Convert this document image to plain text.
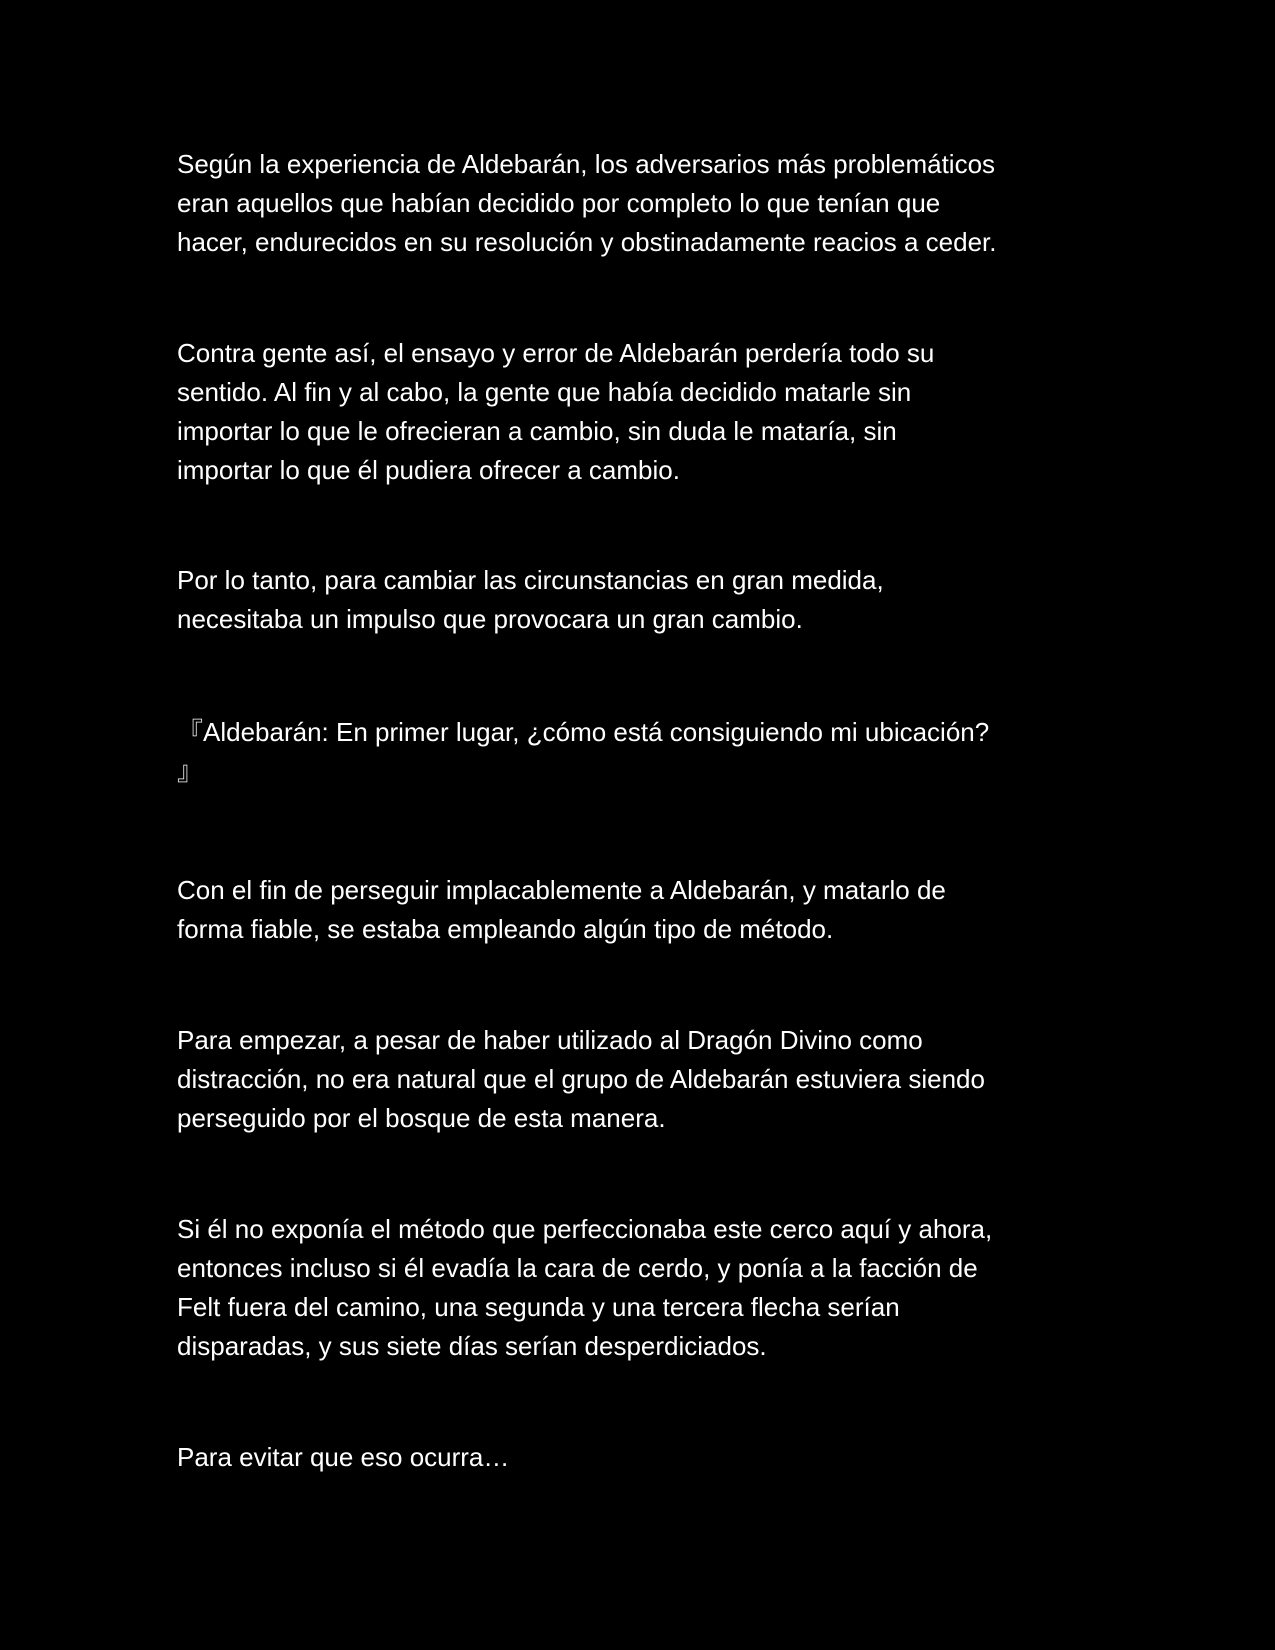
Según la experiencia de Aldebarán, los adversarios más problemáticos
eran aquellos que habían decidido por completo lo que tenían que
hacer, endurecidos en su resolución y obstinadamente reacios a ceder.

Contra gente así, el ensayo y error de Aldebarán perdería todo su
sentido. Al fin y al cabo, la gente que había decidido matarle sin
importar lo que le ofrecieran a cambio, sin duda le mataría, sin
importar lo que él pudiera ofrecer a cambio.

Por lo tanto, para cambiar las circunstancias en gran medida,
necesitaba un impulso que provocara un gran cambio.

『Aldebarán: En primer lugar, ¿cómo está consiguiendo mi ubicación?
』

Con el fin de perseguir implacablemente a Aldebarán, y matarlo de
forma fiable, se estaba empleando algún tipo de método.

Para empezar, a pesar de haber utilizado al Dragón Divino como
distracción, no era natural que el grupo de Aldebarán estuviera siendo
perseguido por el bosque de esta manera.

Si él no exponía el método que perfeccionaba este cerco aquí y ahora,
entonces incluso si él evadía la cara de cerdo, y ponía a la facción de
Felt fuera del camino, una segunda y una tercera flecha serían
disparadas, y sus siete días serían desperdiciados.

Para evitar que eso ocurra…
